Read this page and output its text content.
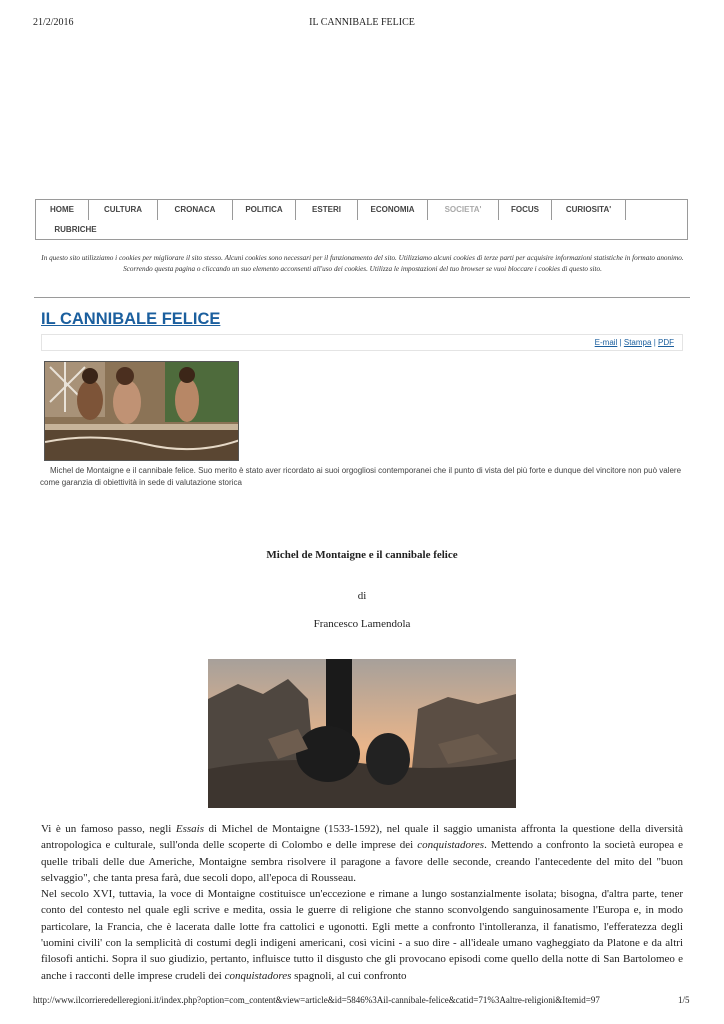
21/2/2016	IL CANNIBALE FELICE
HOME	CULTURA	CRONACA	POLITICA	ESTERI	ECONOMIA	SOCIETA'	FOCUS	CURIOSITA'
RUBRICHE
In questo sito utilizziamo i cookies per migliorare il sito stesso. Alcuni cookies sono necessari per il funzionamento del sito. Utilizziamo alcuni cookies di terze parti per acquisire informazioni statistiche in formato anonimo. Scorrendo questa pagina o cliccando un suo elemento acconsenti all'uso dei cookies. Utilizza le impostazioni del tuo browser se vuoi bloccare i cookies di questo sito.
IL CANNIBALE FELICE
E-mail | Stampa | PDF
Michel de Montaigne e il cannibale felice. Suo merito è stato aver ricordato ai suoi orgogliosi contemporanei che il punto di vista del più forte e dunque del vincitore non può valere come garanzia di obiettività in sede di valutazione storica
Michel de Montaigne e il cannibale felice
di
Francesco Lamendola

Vi è un famoso passo, negli Essais di Michel de Montaigne (1533-1592), nel quale il saggio umanista affronta la questione della diversità antropologica e culturale, sull'onda delle scoperte di Colombo e delle imprese dei conquistadores. Mettendo a confronto la società europea e quelle tribali delle due Americhe, Montaigne sembra risolvere il paragone a favore delle seconde, creando l'antecedente del mito del "buon selvaggio", che tanta presa farà, due secoli dopo, all'epoca di Rousseau.

Nel secolo XVI, tuttavia, la voce di Montaigne costituisce un'eccezione e rimane a lungo sostanzialmente isolata; bisogna, d'altra parte, tener conto del contesto nel quale egli scrive e medita, ossia le guerre di religione che stanno sconvolgendo sanguinosamente l'Europa e, in modo particolare, la Francia, che è lacerata dalle lotte fra cattolici e ugonotti. Egli mette a confronto l'intolleranza, il fanatismo, l'efferatezza degli 'uomini civili' con la semplicità di costumi degli indigeni americani, così vicini - a suo dire - all'ideale umano vagheggiato da Platone e da altri filosofi antichi. Sopra il suo giudizio, pertanto, influisce tutto il disgusto che gli provocano episodi come quello della notte di San Bartolomeo e anche i racconti delle imprese crudeli dei conquistadores spagnoli, al cui confronto

http://www.ilcorrieredelleregioni.it/index.php?option=com_content&view=article&id=5846%3Ail-cannibale-felice&catid=71%3Aaltre-religioni&Itemid=97	1/5
